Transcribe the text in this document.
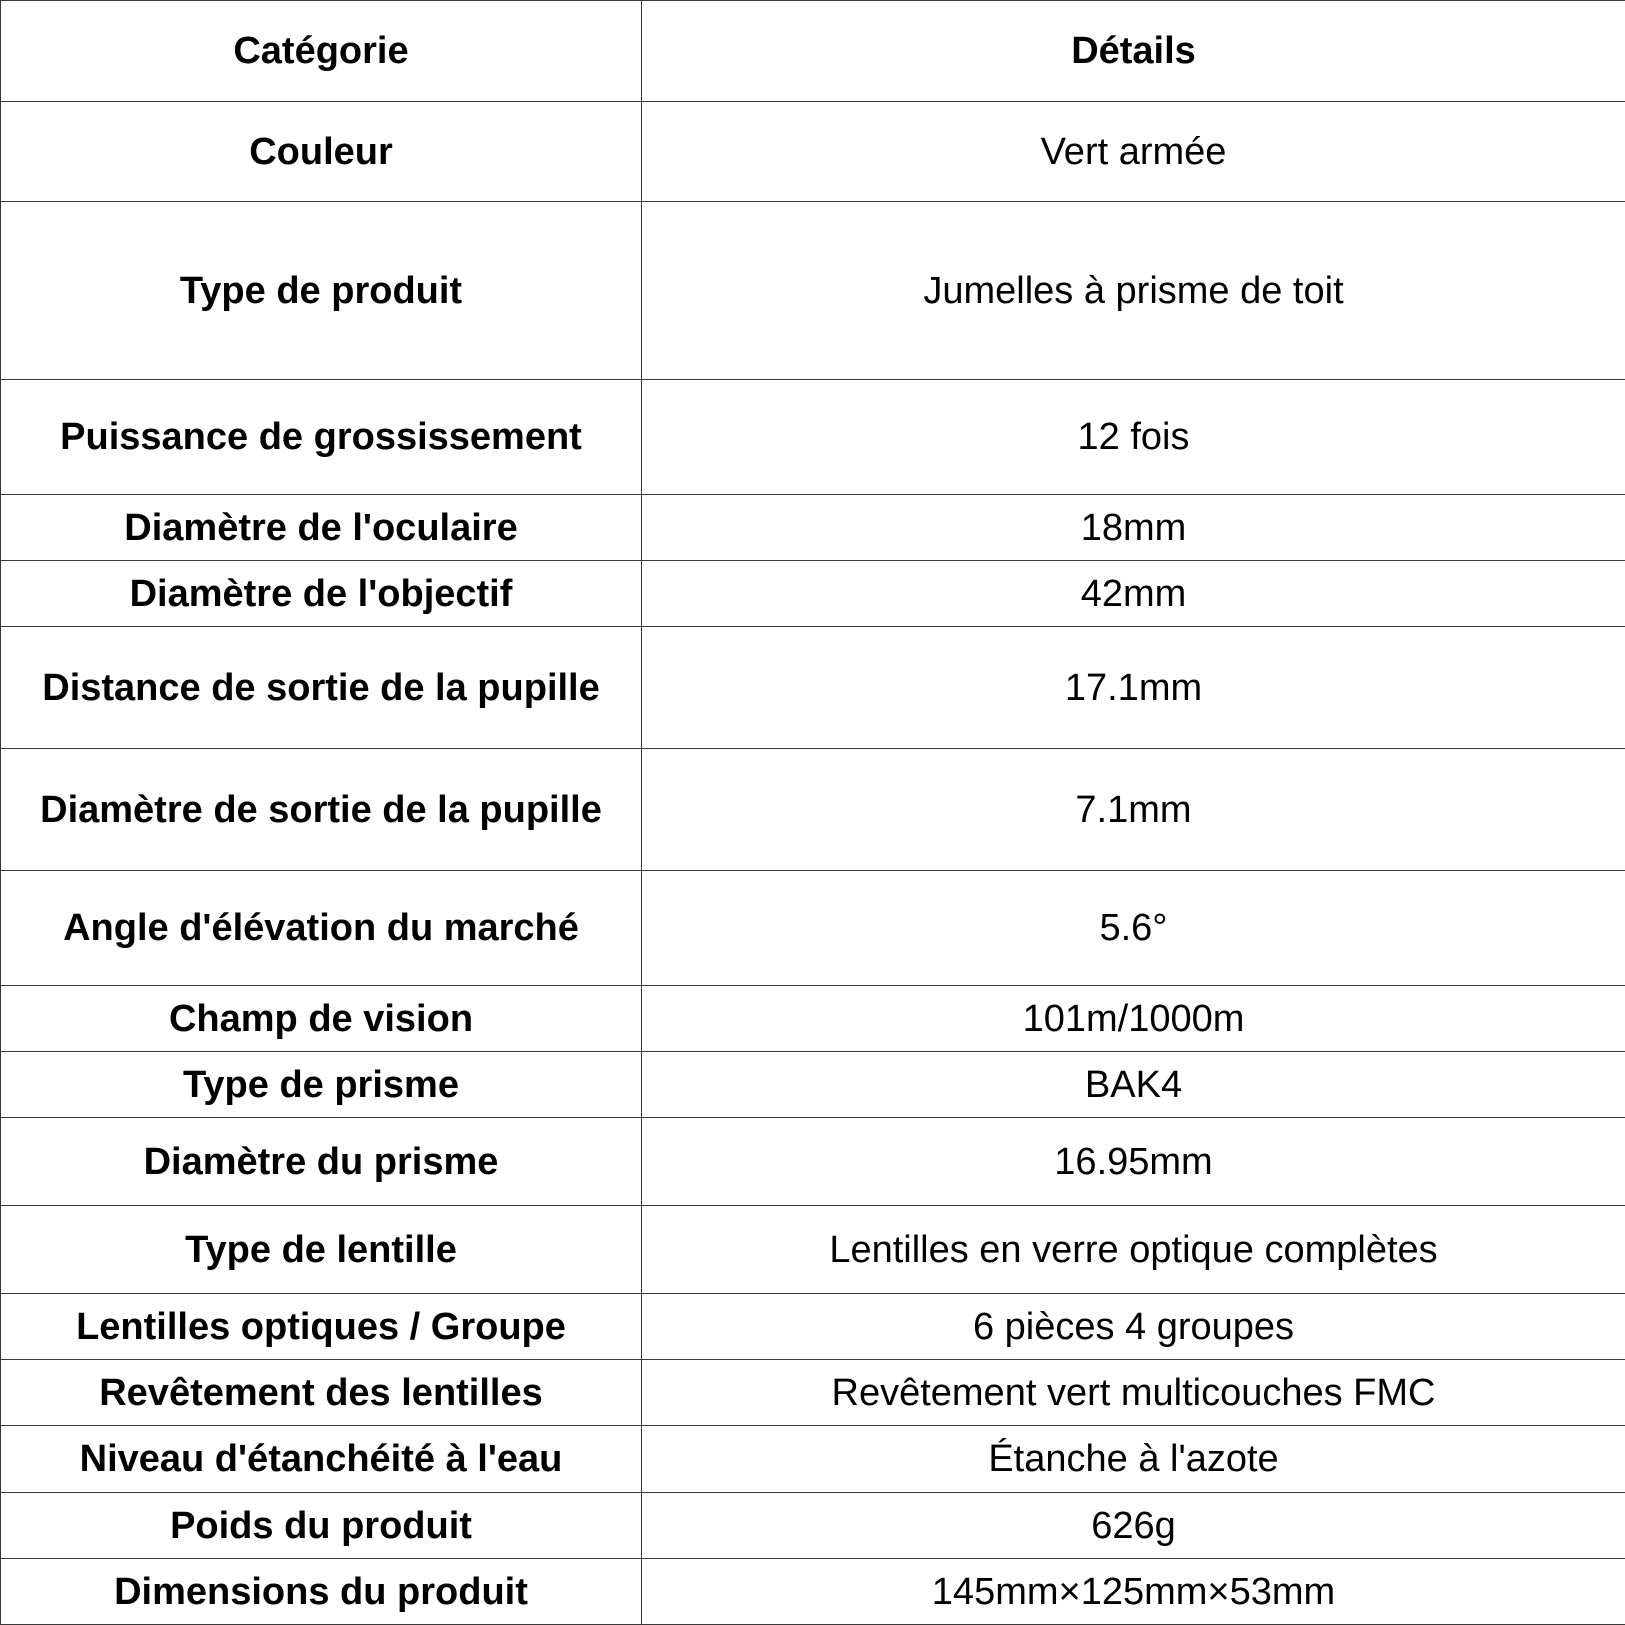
Catégorie	Détails
Couleur	Vert armée
Type de produit	Jumelles à prisme de toit
Puissance de grossissement	12 fois
Diamètre de l'oculaire	18mm
Diamètre de l'objectif	42mm
Distance de sortie de la pupille	17.1mm
Diamètre de sortie de la pupille	7.1mm
Angle d'élévation du marché	5.6°
Champ de vision	101m/1000m
Type de prisme	BAK4
Diamètre du prisme	16.95mm
Type de lentille	Lentilles en verre optique complètes
Lentilles optiques / Groupe	6 pièces 4 groupes
Revêtement des lentilles	Revêtement vert multicouches FMC
Niveau d'étanchéité à l'eau	Étanche à l'azote
Poids du produit	626g
Dimensions du produit	145mm×125mm×53mm
